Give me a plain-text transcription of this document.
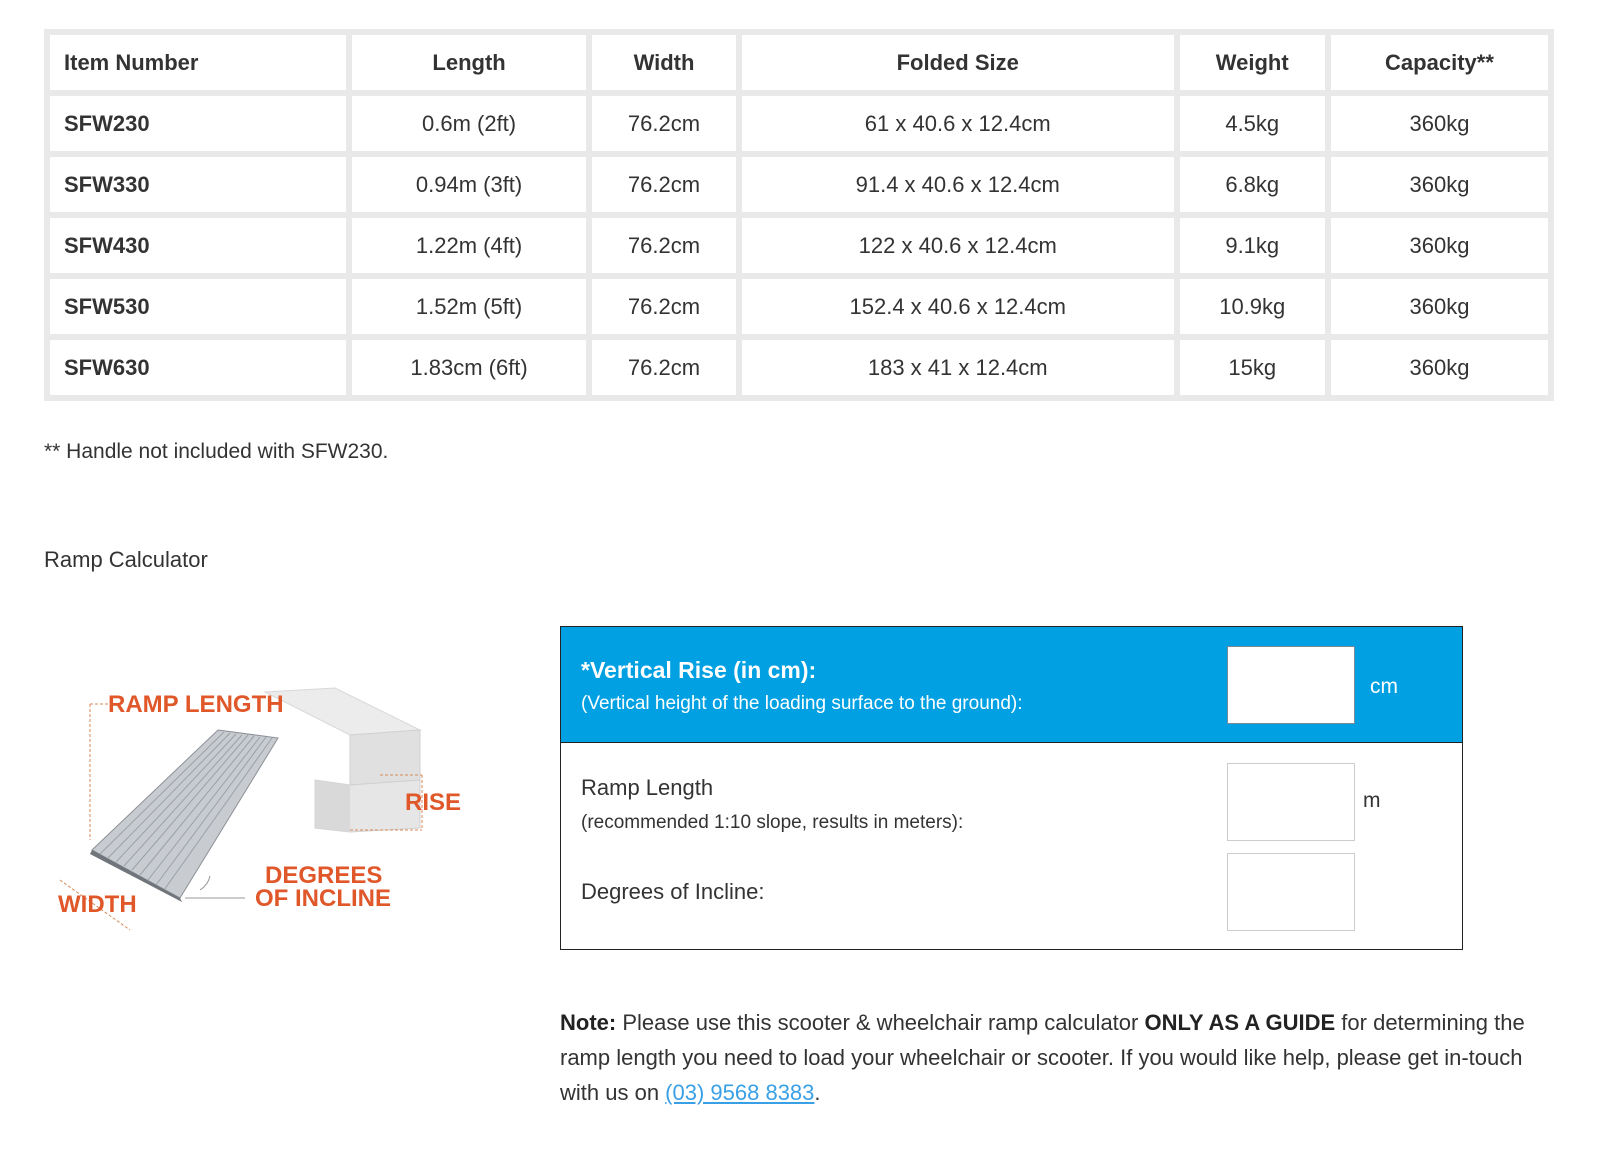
Item Number	Length	Width	Folded Size	Weight	Capacity**
SFW230	0.6m (2ft)	76.2cm	61 x 40.6 x 12.4cm	4.5kg	360kg
SFW330	0.94m (3ft)	76.2cm	91.4 x 40.6 x 12.4cm	6.8kg	360kg
SFW430	1.22m (4ft)	76.2cm	122 x 40.6 x 12.4cm	9.1kg	360kg
SFW530	1.52m (5ft)	76.2cm	152.4 x 40.6 x 12.4cm	10.9kg	360kg
SFW630	1.83cm (6ft)	76.2cm	183 x 41 x 12.4cm	15kg	360kg
** Handle not included with SFW230.
Ramp Calculator
RAMP LENGTH
RISE
WIDTH
DEGREES
OF INCLINE
*Vertical Rise (in cm):
(Vertical height of the loading surface to the ground):
cm
Ramp Length
(recommended 1:10 slope, results in meters):
m
Degrees of Incline:
Note: Please use this scooter & wheelchair ramp calculator ONLY AS A GUIDE for determining the ramp length you need to load your wheelchair or scooter. If you would like help, please get in-touch with us on (03) 9568 8383.
